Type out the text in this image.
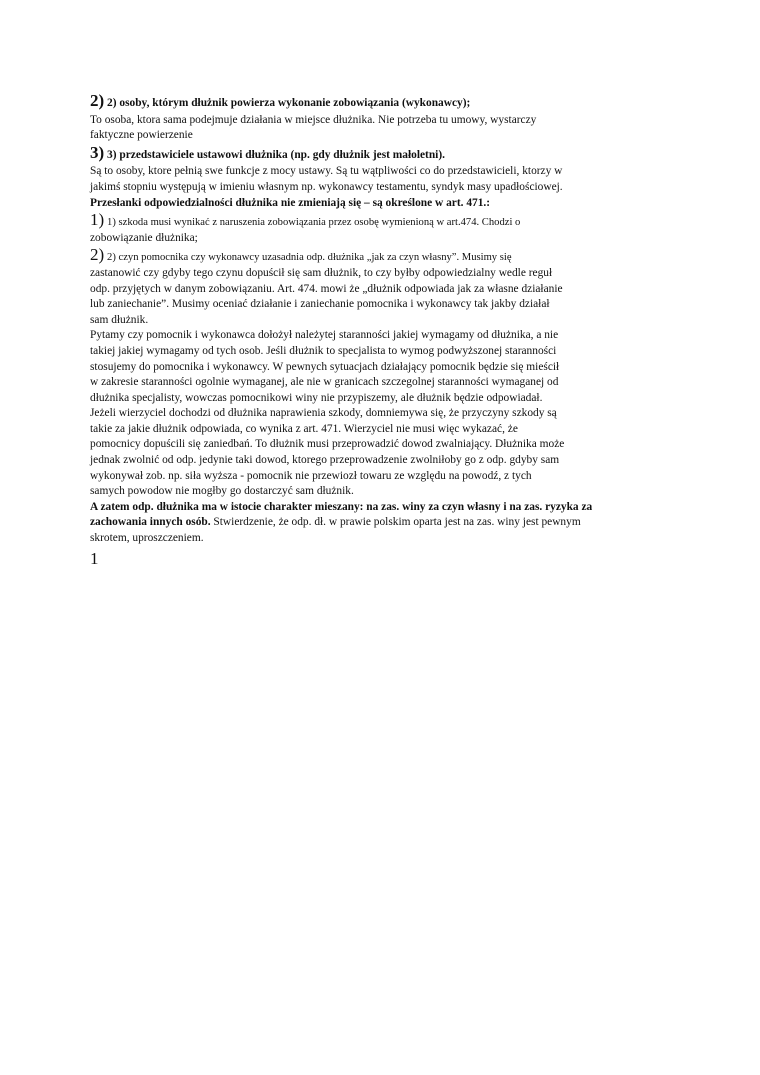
2) 2) osoby, którym dłużnik powierza wykonanie zobowiązania (wykonawcy);
To osoba, ktora sama podejmuje działania w miejsce dłużnika. Nie potrzeba tu umowy, wystarczy
faktyczne powierzenie
3) 3) przedstawiciele ustawowi dłużnika (np. gdy dłużnik jest małoletni).
Są to osoby, ktore pełnią swe funkcje z mocy ustawy. Są tu wątpliwości co do przedstawicieli, ktorzy w
jakimś stopniu występują w imieniu własnym np. wykonawcy testamentu, syndyk masy upadłościowej.
Przesłanki odpowiedzialności dłużnika nie zmieniają się – są określone w art. 471.:
1) 1) szkoda musi wynikać z naruszenia zobowiązania przez osobę wymienioną w art.474. Chodzi o
zobowiązanie dłużnika;
2) 2) czyn pomocnika czy wykonawcy uzasadnia odp. dłużnika „jak za czyn własny”. Musimy się
zastanowić czy gdyby tego czynu dopuścił się sam dłużnik, to czy byłby odpowiedzialny wedle reguł
odp. przyjętych w danym zobowiązaniu. Art. 474. mowi że „dłużnik odpowiada jak za własne działanie
lub zaniechanie”. Musimy oceniać działanie i zaniechanie pomocnika i wykonawcy tak jakby działał
sam dłużnik.
Pytamy czy pomocnik i wykonawca dołożył należytej staranności jakiej wymagamy od dłużnika, a nie
takiej jakiej wymagamy od tych osob. Jeśli dłużnik to specjalista to wymog podwyższonej staranności
stosujemy do pomocnika i wykonawcy. W pewnych sytuacjach działający pomocnik będzie się mieścił
w zakresie staranności ogolnie wymaganej, ale nie w granicach szczegolnej staranności wymaganej od
dłużnika specjalisty, wowczas pomocnikowi winy nie przypiszemy, ale dłużnik będzie odpowiadał.
Jeżeli wierzyciel dochodzi od dłużnika naprawienia szkody, domniemywa się, że przyczyny szkody są
takie za jakie dłużnik odpowiada, co wynika z art. 471. Wierzyciel nie musi więc wykazać, że
pomocnicy dopuścili się zaniedbań. To dłużnik musi przeprowadzić dowod zwalniający. Dłużnika może
jednak zwolnić od odp. jedynie taki dowod, ktorego przeprowadzenie zwolniłoby go z odp. gdyby sam
wykonywał zob. np. siła wyższa - pomocnik nie przewiozł towaru ze względu na powodź, z tych
samych powodow nie mogłby go dostarczyć sam dłużnik.
A zatem odp. dłużnika ma w istocie charakter mieszany: na zas. winy za czyn własny i na zas. ryzyka za
zachowania innych osób. Stwierdzenie, że odp. dł. w prawie polskim oparta jest na zas. winy jest pewnym
skrotem, uproszczeniem.
1
